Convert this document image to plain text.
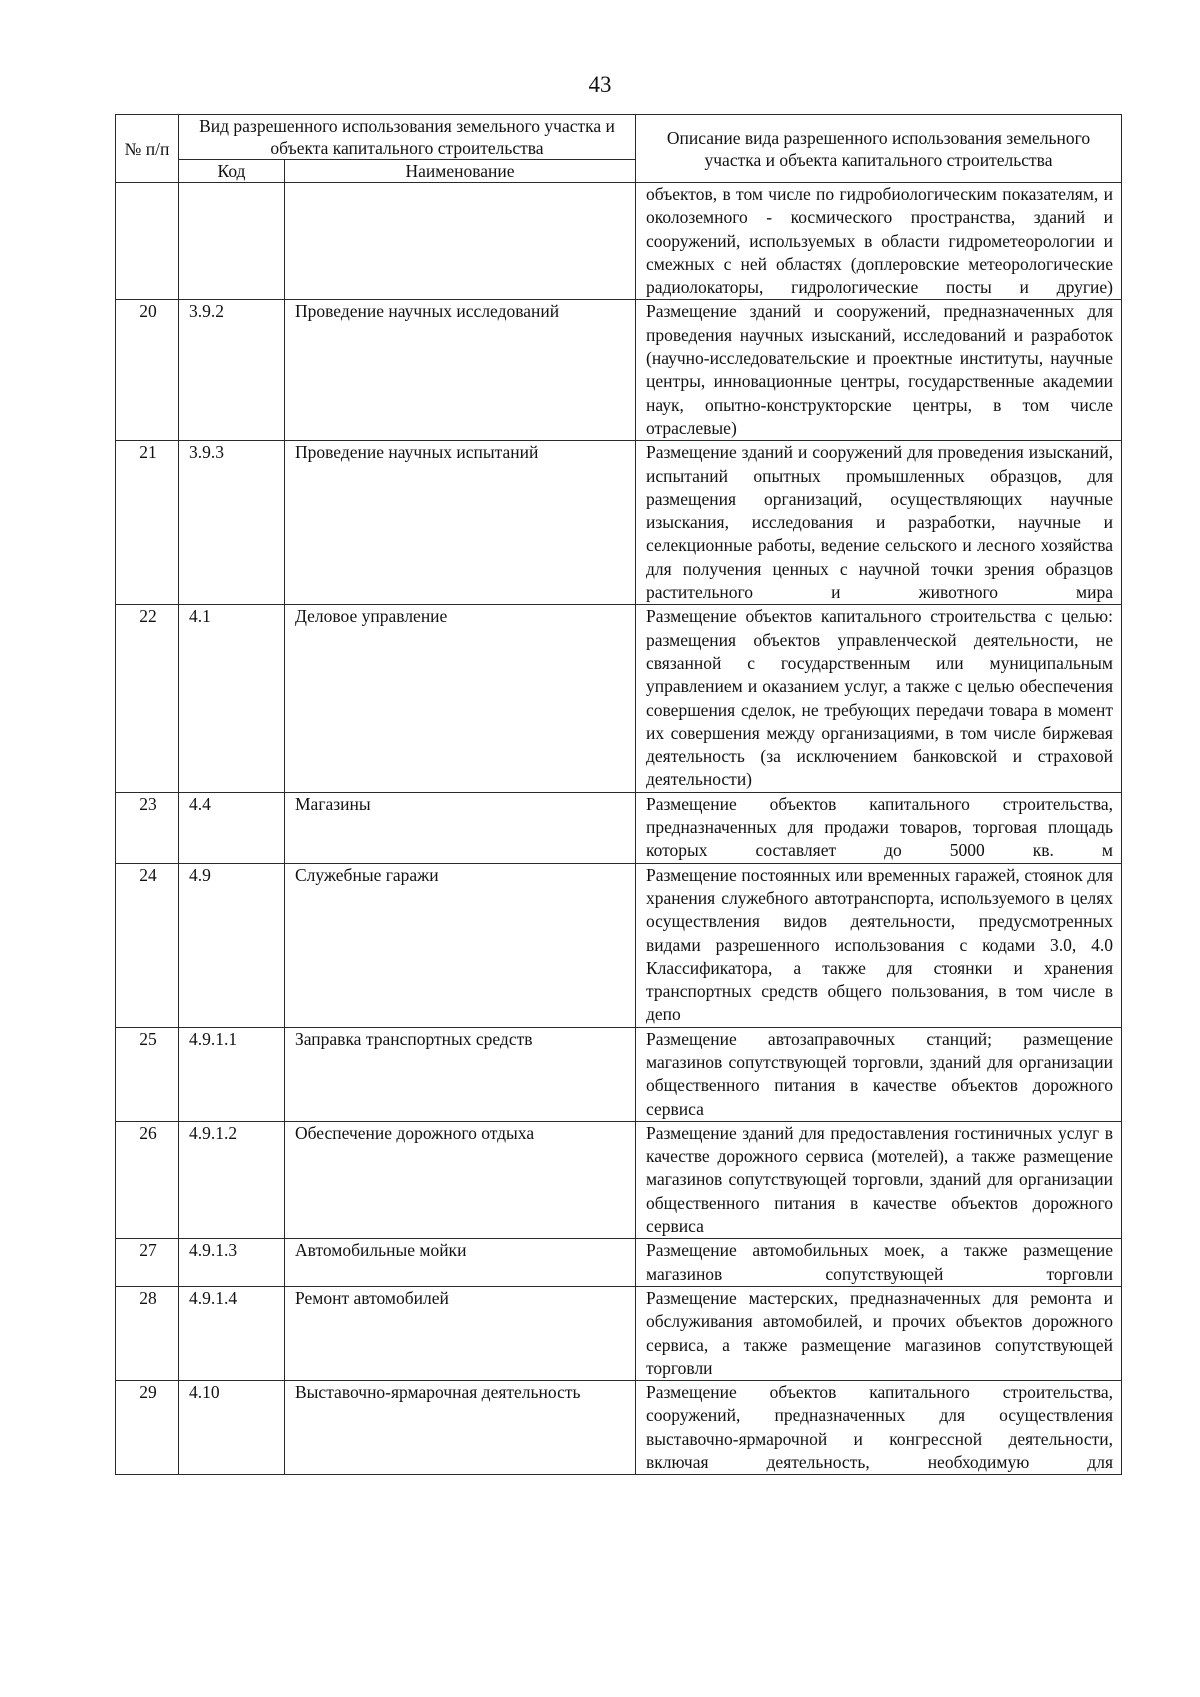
43
№ п/п	Вид разрешенного использования земельного участка и объекта капитального строительства		Описание вида разрешенного использования земельного участка и объекта капитального строительства
	Код	Наименование	
			объектов, в том числе по гидробиологическим показателям, и околоземного - космического пространства, зданий и сооружений, используемых в области гидрометеорологии и смежных с ней областях (доплеровские метеорологические радиолокаторы, гидрологические посты и другие)
20	3.9.2	Проведение научных исследований	Размещение зданий и сооружений, предназначенных для проведения научных изысканий, исследований и разработок (научно-исследовательские и проектные институты, научные центры, инновационные центры, государственные академии наук, опытно-конструкторские центры, в том числе отраслевые)
21	3.9.3	Проведение научных испытаний	Размещение зданий и сооружений для проведения изысканий, испытаний опытных промышленных образцов, для размещения организаций, осуществляющих научные изыскания, исследования и разработки, научные и селекционные работы, ведение сельского и лесного хозяйства для получения ценных с научной точки зрения образцов растительного и животного мира
22	4.1	Деловое управление	Размещение объектов капитального строительства с целью: размещения объектов управленческой деятельности, не связанной с государственным или муниципальным управлением и оказанием услуг, а также с целью обеспечения совершения сделок, не требующих передачи товара в момент их совершения между организациями, в том числе биржевая деятельность (за исключением банковской и страховой деятельности)
23	4.4	Магазины	Размещение объектов капитального строительства, предназначенных для продажи товаров, торговая площадь которых составляет до 5000 кв. м
24	4.9	Служебные гаражи	Размещение постоянных или временных гаражей, стоянок для хранения служебного автотранспорта, используемого в целях осуществления видов деятельности, предусмотренных видами разрешенного использования с кодами 3.0, 4.0 Классификатора, а также для стоянки и хранения транспортных средств общего пользования, в том числе в депо
25	4.9.1.1	Заправка транспортных средств	Размещение автозаправочных станций; размещение магазинов сопутствующей торговли, зданий для организации общественного питания в качестве объектов дорожного сервиса
26	4.9.1.2	Обеспечение дорожного отдыха	Размещение зданий для предоставления гостиничных услуг в качестве дорожного сервиса (мотелей), а также размещение магазинов сопутствующей торговли, зданий для организации общественного питания в качестве объектов дорожного сервиса
27	4.9.1.3	Автомобильные мойки	Размещение автомобильных моек, а также размещение магазинов сопутствующей торговли
28	4.9.1.4	Ремонт автомобилей	Размещение мастерских, предназначенных для ремонта и обслуживания автомобилей, и прочих объектов дорожного сервиса, а также размещение магазинов сопутствующей торговли
29	4.10	Выставочно-ярмарочная деятельность	Размещение объектов капитального строительства, сооружений, предназначенных для осуществления выставочно-ярмарочной и конгрессной деятельности, включая деятельность, необходимую для
